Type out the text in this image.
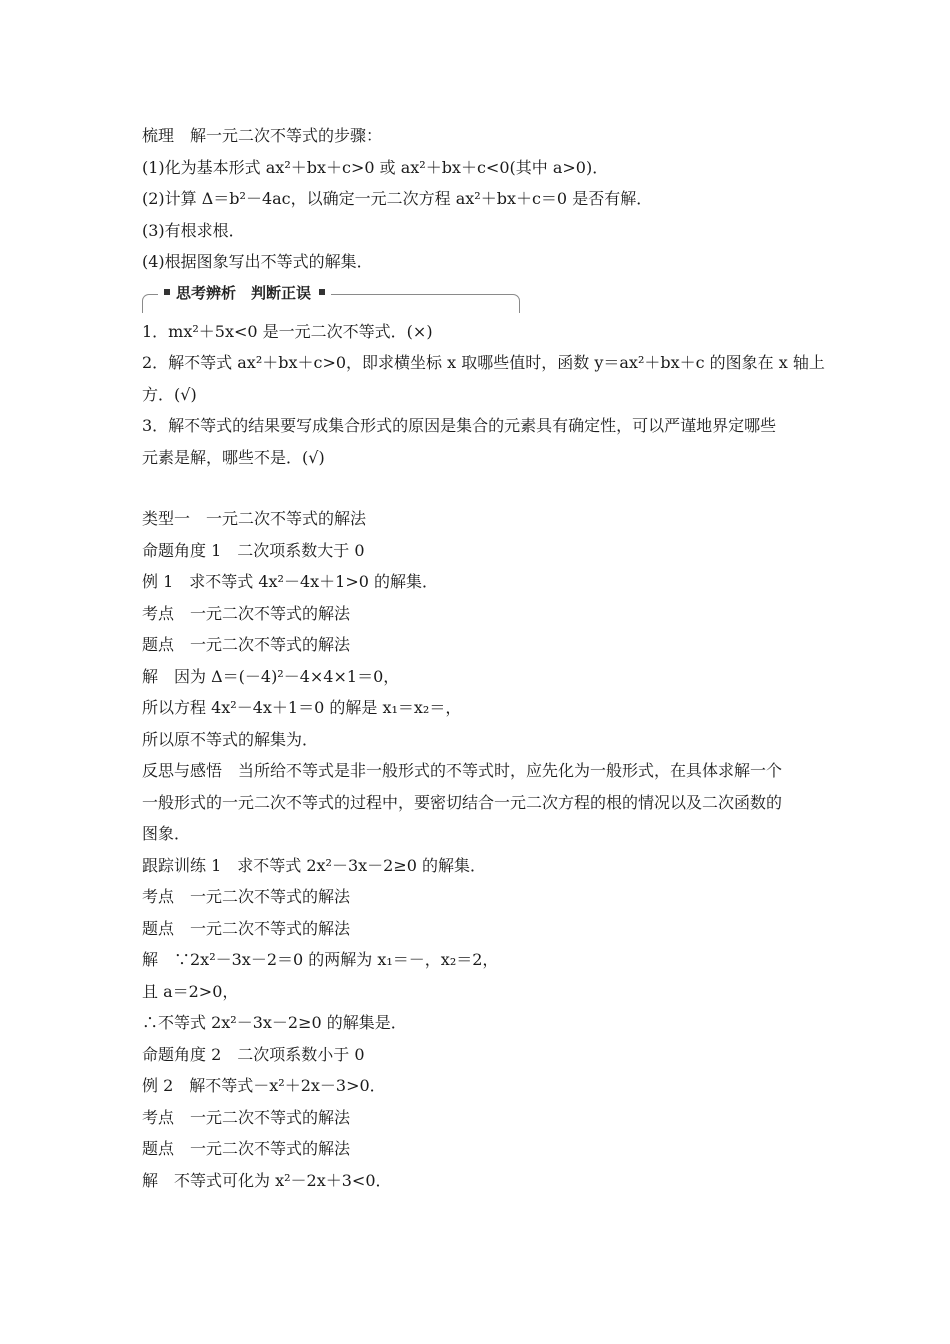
梳理　解一元二次不等式的步骤：
(1)化为基本形式 ax²＋bx＋c>0 或 ax²＋bx＋c<0(其中 a>0)．
(2)计算 Δ＝b²－4ac，以确定一元二次方程 ax²＋bx＋c＝0 是否有解．
(3)有根求根．
(4)根据图象写出不等式的解集．
思考辨析　判断正误
1．mx²＋5x<0 是一元二次不等式．(×)
2．解不等式 ax²＋bx＋c>0，即求横坐标 x 取哪些值时，函数 y＝ax²＋bx＋c 的图象在 x 轴上
方．(√)
3．解不等式的结果要写成集合形式的原因是集合的元素具有确定性，可以严谨地界定哪些
元素是解，哪些不是．(√)
类型一　一元二次不等式的解法
命题角度 1　二次项系数大于 0
例 1　求不等式 4x²－4x＋1>0 的解集．
考点　一元二次不等式的解法
题点　一元二次不等式的解法
解　因为 Δ＝(－4)²－4×4×1＝0，
所以方程 4x²－4x＋1＝0 的解是 x₁＝x₂＝，
所以原不等式的解集为．
反思与感悟　当所给不等式是非一般形式的不等式时，应先化为一般形式，在具体求解一个
一般形式的一元二次不等式的过程中，要密切结合一元二次方程的根的情况以及二次函数的
图象．
跟踪训练 1　求不等式 2x²－3x－2≥0 的解集．
考点　一元二次不等式的解法
题点　一元二次不等式的解法
解　∵2x²－3x－2＝0 的两解为 x₁＝－，x₂＝2，
且 a＝2>0，
∴不等式 2x²－3x－2≥0 的解集是．
命题角度 2　二次项系数小于 0
例 2　解不等式－x²＋2x－3>0．
考点　一元二次不等式的解法
题点　一元二次不等式的解法
解　不等式可化为 x²－2x＋3<0．
